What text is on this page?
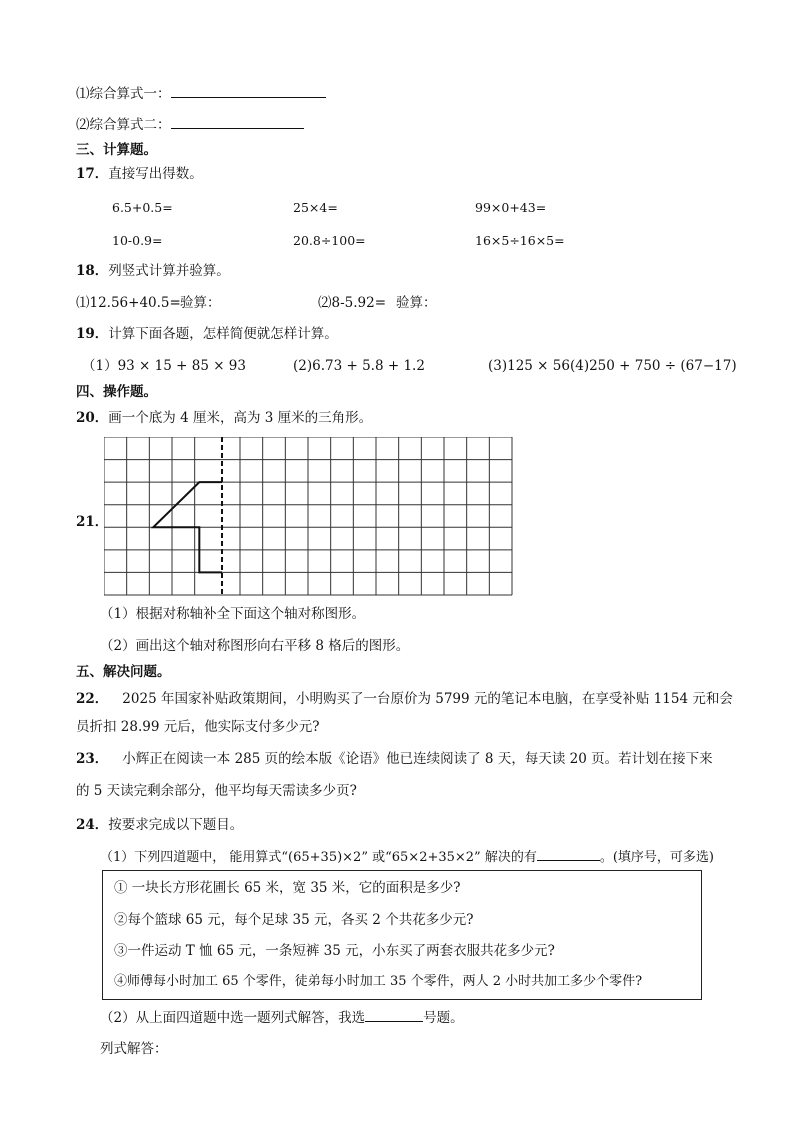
⑴综合算式一：
⑵综合算式二：
三、计算题。
17．直接写出得数。
6.5+0.5=	25×4=	99×0+43=
10-0.9=	20.8÷100=	16×5÷16×5=
18．列竖式计算并验算。
⑴12.56+40.5= 验算：	⑵8-5.92= 验算：
19．计算下面各题，怎样简便就怎样计算。
（1）93 × 15 + 85 × 93	(2)6.73 + 5.8 + 1.2	(3)125 × 56(4)250 + 750 ÷ (67−17)
四、操作题。
20．画一个底为 4 厘米，高为 3 厘米的三角形。
21．
（1）根据对称轴补全下面这个轴对称图形。
（2）画出这个轴对称图形向右平移 8 格后的图形。
五、解决问题。
22． 2025 年国家补贴政策期间，小明购买了一台原价为 5799 元的笔记本电脑，在享受补贴 1154 元和会
员折扣 28.99 元后，他实际支付多少元?
23． 小辉正在阅读一本 285 页的绘本版《论语》他已连续阅读了 8 天，每天读 20 页。若计划在接下来
的 5 天读完剩余部分，他平均每天需读多少页?
24．按要求完成以下题目。
（1）下列四道题中， 能用算式“(65+35)×2” 或“65×2+35×2” 解决的有	。(填序号，可多选)
① 一块长方形花圃长 65 米，宽 35 米，它的面积是多少?
②每个篮球 65 元，每个足球 35 元，各买 2 个共花多少元?
③一件运动 T 恤 65 元，一条短裤 35 元，小东买了两套衣服共花多少元?
④师傅每小时加工 65 个零件，徒弟每小时加工 35 个零件，两人 2 小时共加工多少个零件?
（2）从上面四道题中选一题列式解答，我选	号题。
列式解答：
